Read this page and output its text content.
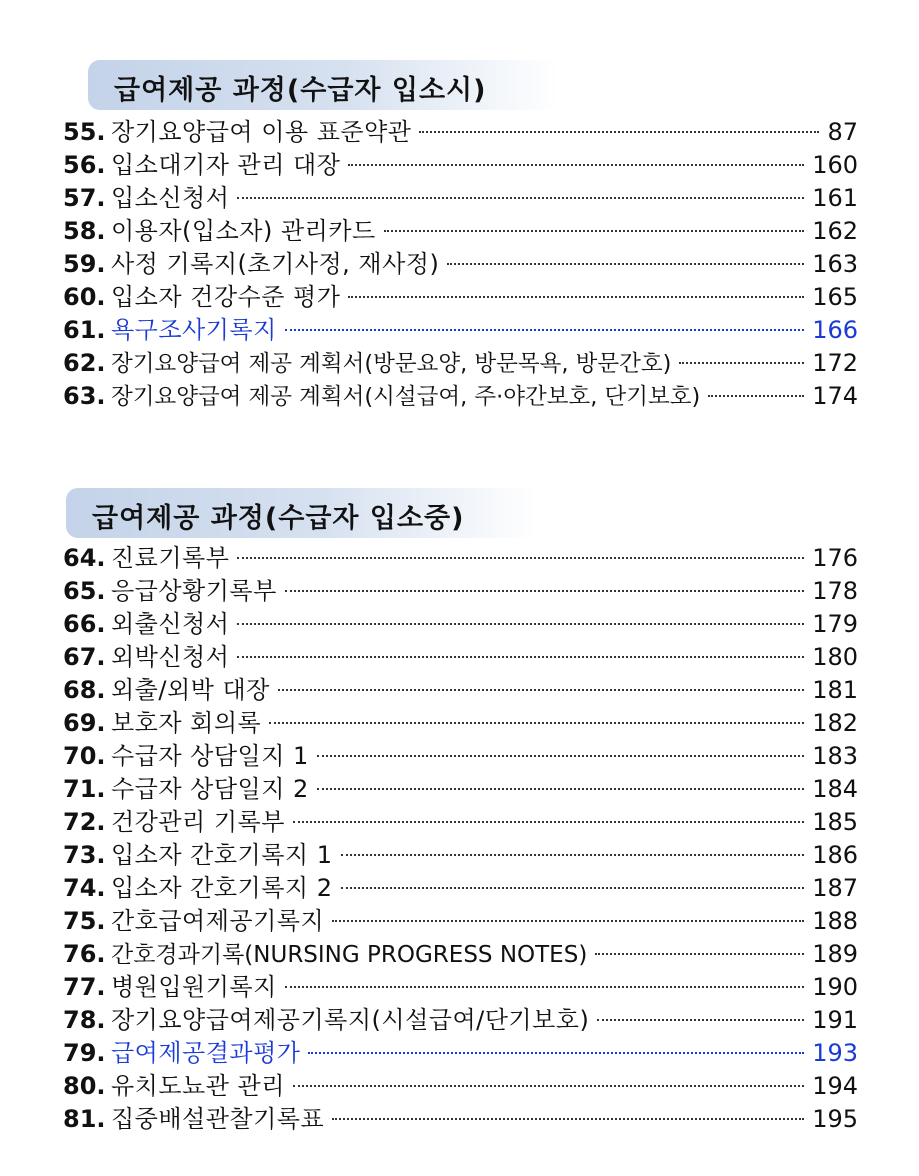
급여제공 과정(수급자 입소시)
55. 장기요양급여 이용 표준약관	87
56. 입소대기자 관리 대장	160
57. 입소신청서	161
58. 이용자(입소자) 관리카드	162
59. 사정 기록지(초기사정, 재사정)	163
60. 입소자 건강수준 평가	165
61. 욕구조사기록지	166
62. 장기요양급여 제공 계획서(방문요양, 방문목욕, 방문간호)	172
63. 장기요양급여 제공 계획서(시설급여, 주·야간보호, 단기보호)	174
급여제공 과정(수급자 입소중)
64. 진료기록부	176
65. 응급상황기록부	178
66. 외출신청서	179
67. 외박신청서	180
68. 외출/외박 대장	181
69. 보호자 회의록	182
70. 수급자 상담일지 1	183
71. 수급자 상담일지 2	184
72. 건강관리 기록부	185
73. 입소자 간호기록지 1	186
74. 입소자 간호기록지 2	187
75. 간호급여제공기록지	188
76. 간호경과기록(NURSING PROGRESS NOTES)	189
77. 병원입원기록지	190
78. 장기요양급여제공기록지(시설급여/단기보호)	191
79. 급여제공결과평가	193
80. 유치도뇨관 관리	194
81. 집중배설관찰기록표	195
